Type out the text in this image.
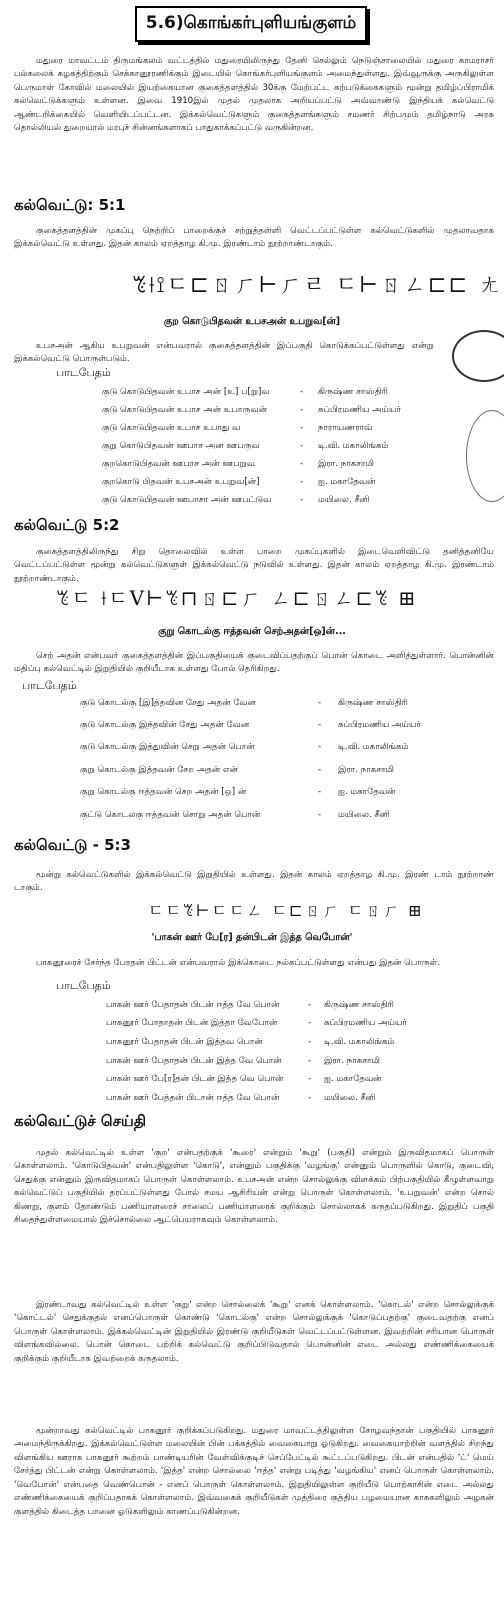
5.6)கொங்கர்புளியங்குளம்

மதுரை மாவட்டம் திருமங்கலம் வட்டத்தில் மதுரையிலிருந்து தேனி செல்லும் நெடுஞ்சாலையில் மதுரை காமராசர் பல்கலைக் கழகத்திற்கும் செக்கானூரணிக்கும் இடையில் கொங்கர்புளியங்குளம் அமைந்துள்ளது. இவ்வூருக்கு அருகிலுள்ள பெருமாள் கோவில் மலையில் இயற்கையான குகைத்தளத்தில் 30க்கு மேற்பட்ட கற்படுக்கைகளும் மூன்று தமிழ்ப்பிராமிக் கல்வெட்டுக்களும் உள்ளன. இவை 1910இல் முதல் முதலாக அறியப்பட்டு அவ்வாண்டு இந்தியக் கல்வெட்டு ஆண்டறிக்கையில் வெளியிடப்பட்டன. இக்கல்வெட்டுகளும் குகைத்தளங்களும் சமணர் சிற்பமும் தமிழ்நாடு அரசு தொல்லியல் துறையால் மரபுச் சின்னங்களாகப் பாதுகாக்கப்பட்டு வருகின்றன.

கல்வெட்டு: 5:1

குகைத்தளத்தின் முகப்பு நெற்றிப் பாறைக்குச் சற்றுத்தள்ளி வெட்டப்பட்டுள்ள கல்வெட்டுகளில் முதலாவதாக இக்கல்வெட்டு உள்ளது. இதன் காலம் ஏறத்தாழ கி.மு. இரண்டாம் நூற்றாண்டாகும்.

ꔳ⟊⟟ㄷ⊏ㄖㄏ⊢ㄏㄹ ㄷ⊢ㄖㄥ⊏⊏ ㄤ
குற கொடுபிதவன் உபசஅன் உபறுவ[ன்]

உபசஅன் ஆகிய உபறுவன் என்பவரால் குகைத்தளத்தின் இப்பகுதி கொடுக்கப்பட்டுள்ளது என்று இக்கல்வெட்டு பொருள்படும்.

பாடபேதம்
குடு கொடுபிதவன் உபாச அன் [உ] ப[று]வ	- கிருஷ்ண சாஸ்திரி
குடு கொடுபிதவன் உபாச அன் உபாருவன்	- சுப்பிரமணிய அய்யர்
குடு கொடுபிதவன் உபாச உபாது வ	- நாராயணராவ்
குறு கொடுபிதவன் ஊபாச அன ஊபருவ	- டி.வி. மகாலிங்கம்
குறகொடுபிதவன் ஊபாச அன் ஊபறுவ	- இரா. நாகசாமி
குறகொடு பிதவன் உபசஅன் உபறுவ[ன்]	- ஐ. மகாதேவன்
குடு கொடுபிதவன் ஊபாசா அன் ஊபட்டுவ	- மயிலை. சீனி
கல்வெட்டு 5:2

குகைத்தளத்திலிருந்து சிறு தொலைவில் உள்ள பாறை முகப்புகளில் இடைவெளிவிட்டு தனித்தனியே வெட்டப்பட்டுள்ள மூன்று கல்வெட்டுகளுள் இக்கல்வெட்டு நடுவில் உள்ளது. இதன் காலம் ஏறத்தாழ கி.மு. இரண்டாம் நூற்றாண்டாகும்.

ꔳㄷ ⟊ㄷⅤ⊢ꔳ⊓ㄖ⊏ㄏ ㄥ⊏ㄖㄥ⊏ꔳ ⊞
குறு கொடல்கு ஈத்தவன் செற்அதன்[ஒ]ன்...

செற் அதன் என்பவர் குகைத்தளத்தின் இப்பகுதியைக் குடைவிப்பதற்குப் பொன் கொடை அளித்துள்ளார். பொன்னின் மதிப்பு கல்வெட்டில் இறுதியில் குறியீடாக உள்ளது போல் தெரிகிறது.

பாடபேதம்
குடு கொடல்கு [இ]த்தவின சேது அதன் வேன	- கிருஷ்ண சாஸ்திரி
குடு கொடல்கு இந்தவின் சேது அதன் வேன	- சுப்பிரமணிய அய்யர்
குடு கொடல்கு இத்துவின் செறு அதன் பொன்	- டி.வி. மகாலிங்கம்
குறு கொடல்கு இத்தவன் சேற அதன் என்	- இரா. நாகசாமி
குறு கொடல்கு ஈத்தவன் செற அதன் [ஒ] ன்	- ஐ. மகாதேவன்
குட்டு கொடலகு ஈத்தவன் சொறு அதன் பொன்	- மயிலை. சீனி
கல்வெட்டு - 5:3

மூன்று கல்வெட்டுகளில் இக்கல்வெட்டு இறுதியில் உள்ளது. இதன் காலம் ஏறத்தாழ கி.மு. இரண் டாம் நூற்றாண் டாகும்.

ㄷㄷꔳ⊢ㄷㄷㄥ ㄷ⊏ㄖㄏ ㄷㄖㄏ ⊞
'பாகன் ஊர் பே[ர] தன்பிடன் இத்த வெபோன்'

பாகனூரைச் சேர்ந்த பேரதன் பிட்டன் என்பவரால் இக்கொடை நல்கப்பட்டுள்ளது என்பது இதன் பொருள்.

பாடபேதம்
பாகன் ஊர் பேதாதன் பிடன் ஈத்த வே பொன்	- கிருஷ்ண சாஸ்திரி
பாகனூர் போதாதன் பிடன் இத்தா வேபோன்	- சுப்பிரமணிய அய்யர்
பாகனூர் பேதாதன் பிடன் இத்தவ பொன்	- டி.வி. மகாலிங்கம்
பாகன் ஊர் பேதாதன் பிடன் இத்த வே பொன்	- இரா. நாகசாமி
பாகன் ஊர் பே[ர]தன் பிடன் இத்த வெ பொன்	- ஐ. மகாதேவன்
பாகன் ஊர் பேத்தன் பிடான் ஈத்த வே பொன்	- மயிலை. சீனி
கல்வெட்டுச் செய்தி

முதல் கல்வெட்டில் உள்ள 'குற' என்பதற்குக் 'கூரை' என்றும் 'கூறு' (பகுதி) என்றும் இருவிதமாகப் பொருள் கொள்ளலாம். 'கொடுபிதவன்' என்பதிலுள்ள 'கொடு', என்னும் பகுதிக்கு 'வழங்கு' என்னும் பொருளில் கொடு, குடைவி, செதுக்கு என்னும் இருவிதமாகப் பொருள் கொள்ளலாம். உபசஅன் என்ற சொல்லுக்கு விளக்கம் பிற்பகுதியில் கீழுள்ளவாறு கல்வெட்டுப் பகுதியில் தரப்பட்டுள்ளது போல் சமய ஆசிரியன் என்று பொருள் கொள்ளலாம். 'உபறுவன்' என்ற சொல் கிணறு, குளம் தோண்டும் பணியாளரைச் சாலைப் பணியாளரைக் குறிக்கும் சொல்லாகக் கருதப்படுகிறது. இறுதிப் பகுதி சிதைந்துள்ளமையால் இச்சொல்லை ஆட்பெயராகவும் கொள்ளலாம்.

இரண்டாவது கல்வெட்டில் உள்ள 'குறு' என்ற சொல்லைக் 'கூறு' எனக் கொள்ளலாம். 'கொடல்' என்ற சொல்லுக்குக் 'கொட்டல்' செதுக்குதல் எனப்பொருள் கொண்டு 'கொடல்கு' என்ற சொல்லுக்குக் 'கொடுப்பதற்கு' குடைவதற்கு எனப் பொருள் கொள்ளலாம். இக்கல்வெட்டின் இறுதியில் இரண்டு குறியீடுகள் வெட்டப்பட்டுள்ளன. இவற்றின் சரியான பொருள் விளங்கவில்லை. பொன் கொடை பற்றிக் கல்வெட்டு குறிப்பிடுவதால் பொன்னின் எடை அல்லது எண்ணிக்கையைக் குறிக்கும் குறியீடாக இவற்றைக் கருதலாம்.

மூன்றாவது கல்வெட்டில் பாகனூர் குறிக்கப்படுகிறது. மதுரை மாவட்டத்திலுள்ள சோழவந்தான் பகுதியில் பாகனூர் அமைந்திருக்கிறது. இக்கல்வெட்டுள்ள மலையின் பின் பக்கத்தில் வைகையாறு ஓடுகிறது. வைகையாற்றின் வளத்தில் சிறந்து விளங்கிய ஊராக பாகனூர் கூற்றம் பாண்டியரின் வேள்விக்குடிச் செப்பேட்டில் கூட்டப்படுகிறது. பிடன் என்பதில் 'ட்' மெய் சேர்த்து பிட்டன் என்று கொள்ளலாம். 'இத்த' என்ற சொல்லை 'ஈத்த' என்று படித்து 'வழங்கிய' எனப் பொருள் கொள்ளலாம். 'வெபோன்' என்பதை வெண்பொன் - எனப் பொருள் கொள்ளலாம். இறுதியிலுள்ள குறியீடு பொற்காசின் எடை அல்லது எண்ணிக்கையைக் குறிப்பதாகக் கொள்ளலாம். இவ்வகைக் குறியீடுகள் முத்திரை குத்திய பழமையான காசுகளிலும் அழகன் குளத்தில் கிடைத்த பானை ஓடுகளிலும் காணப்படுகின்றன.
